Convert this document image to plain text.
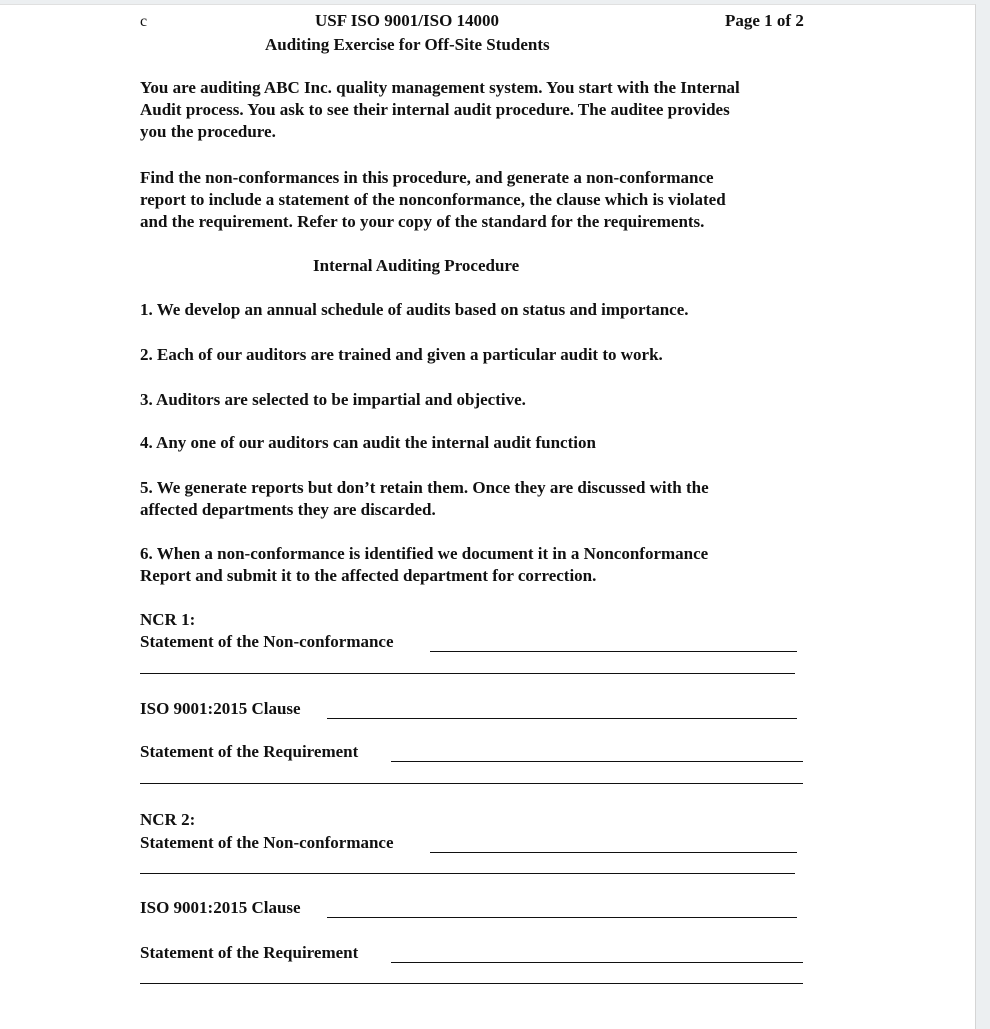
c	USF ISO 9001/ISO 14000
Auditing Exercise for Off-Site Students
Page 1 of 2
You are auditing ABC Inc. quality management system. You start with the Internal
Audit process. You ask to see their internal audit procedure. The auditee provides
you the procedure.
Find the non-conformances in this procedure, and generate a non-conformance
report to include a statement of the nonconformance, the clause which is violated
and the requirement. Refer to your copy of the standard for the requirements.
Internal Auditing Procedure
1. We develop an annual schedule of audits based on status and importance.
2. Each of our auditors are trained and given a particular audit to work.
3. Auditors are selected to be impartial and objective.
4. Any one of our auditors can audit the internal audit function
5. We generate reports but don’t retain them. Once they are discussed with the
affected departments they are discarded.
6. When a non-conformance is identified we document it in a Nonconformance
Report and submit it to the affected department for correction.
NCR 1:
Statement of the Non-conformance
ISO 9001:2015 Clause
Statement of the Requirement
NCR 2:
Statement of the Non-conformance
ISO 9001:2015 Clause
Statement of the Requirement
